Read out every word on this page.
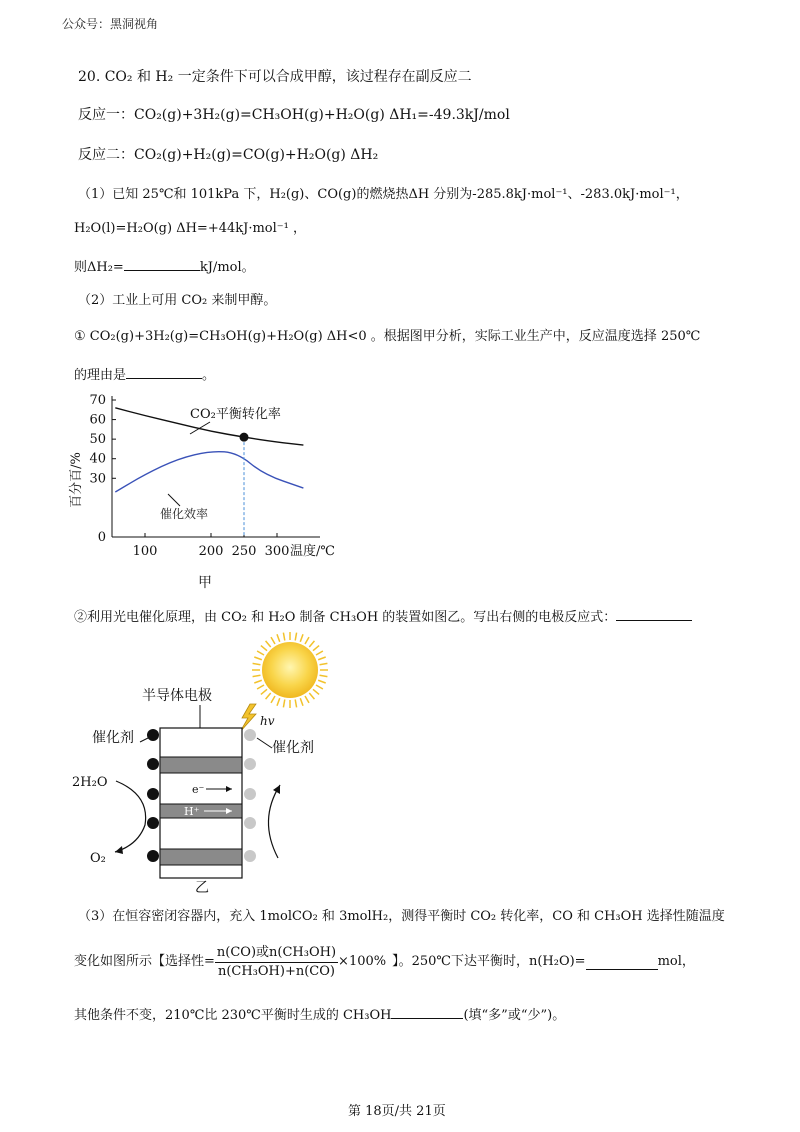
公众号：黑洞视角
20. CO₂ 和 H₂ 一定条件下可以合成甲醇，该过程存在副反应二
反应一：CO₂(g)+3H₂(g)=CH₃OH(g)+H₂O(g) ΔH₁=-49.3kJ/mol
反应二：CO₂(g)+H₂(g)=CO(g)+H₂O(g) ΔH₂
（1）已知 25℃和 101kPa 下，H₂(g)、CO(g)的燃烧热ΔH 分别为-285.8kJ·mol⁻¹、-283.0kJ·mol⁻¹，
H₂O(l)=H₂O(g) ΔH=+44kJ·mol⁻¹ ，
则ΔH₂=	kJ/mol。
（2）工业上可用 CO₂ 来制甲醇。
① CO₂(g)+3H₂(g)=CH₃OH(g)+H₂O(g) ΔH<0 。根据图甲分析，实际工业生产中，反应温度选择 250℃
的理由是	。
0
30
40
50
60
70
100	200 250 300
百分百/%
温度/℃
CO₂平衡转化率
催化效率
甲
②利用光电催化原理，由 CO₂ 和 H₂O 制备 CH₃OH 的装置如图乙。写出右侧的电极反应式：
hv
半导体电极
e⁻
H⁺
催化剂
催化剂
2H₂O
O₂
乙
（3）在恒容密闭容器内，充入 1molCO₂ 和 3molH₂，测得平衡时 CO₂ 转化率，CO 和 CH₃OH 选择性随温度
变化如图所示【选择性= $\frac{\text{n(CO)或n(CH₃OH)}}{\text{n(CH₃OH)+n(CO)}} \times 100\%$ 】。250℃下达平衡时，n(H₂O)=	mol，
其他条件不变，210℃比 230℃平衡时生成的 CH₃OH	(填“多”或“少”)。
第 18页/共 21页
